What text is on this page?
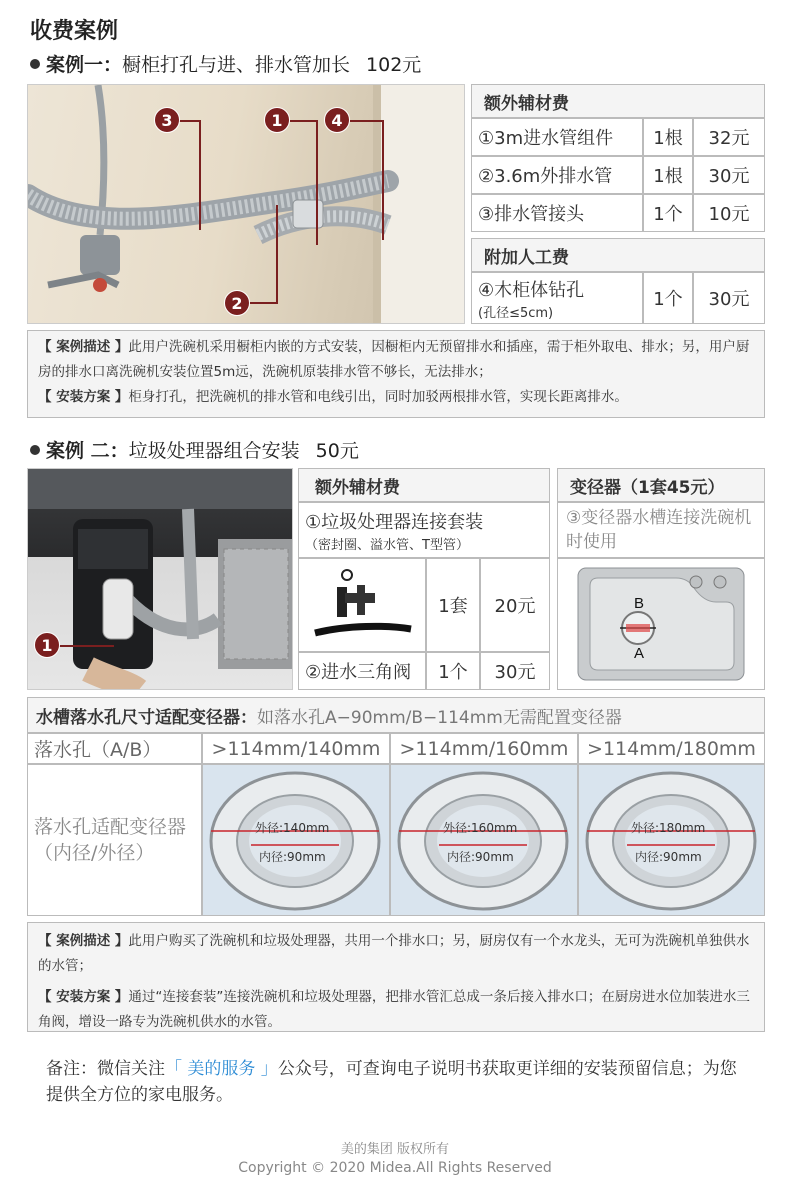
收费案例
案例一：橱柜打孔与进、排水管加长 102元
3	1	4
2
额外辅材费
①3m进水管组件	1根	32元
②3.6m外排水管	1根	30元
③排水管接头	1个	10元
附加人工费
④木柜体钻孔
(孔径≤5cm)
1个	30元
【 案例描述 】此用户洗碗机采用橱柜内嵌的方式安装，因橱柜内无预留排水和插座，需于柜外取电、排水；另，用户厨房的排水口离洗碗机安装位置5m远，洗碗机原装排水管不够长，无法排水；
【 安装方案 】柜身打孔，把洗碗机的排水管和电线引出，同时加驳两根排水管，实现长距离排水。
案例 二：垃圾处理器组合安装 50元
1
额外辅材费
①垃圾处理器连接套装
（密封圈、溢水管、T型管）
1套	20元
②进水三角阀	1个	30元
变径器（1套45元）
③变径器水槽连接洗碗机时使用
B
A
水槽落水孔尺寸适配变径器： 如落水孔A−90mm/B−114mm无需配置变径器
落水孔（A/B）	>114mm/140mm	>114mm/160mm >114mm/180mm
落水孔适配变径器（内径/外径）
外径:140mm
内径:90mm
外径:160mm
内径:90mm
外径:180mm
内径:90mm
【 案例描述 】此用户购买了洗碗机和垃圾处理器，共用一个排水口；另，厨房仅有一个水龙头，无可为洗碗机单独供水的水管；
【 安装方案 】通过“连接套装”连接洗碗机和垃圾处理器，把排水管汇总成一条后接入排水口；在厨房进水位加装进水三角阀，增设一路专为洗碗机供水的水管。
备注：微信关注「 美的服务 」公众号，可查询电子说明书获取更详细的安装预留信息；为您提供全方位的家电服务。
美的集团 版权所有
Copyright © 2020 Midea.All Rights Reserved
